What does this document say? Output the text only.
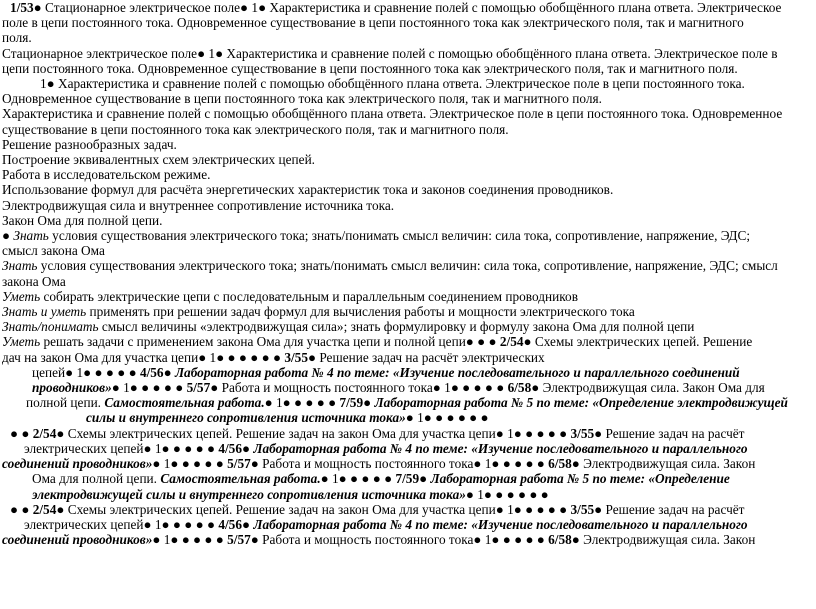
1/53● Стационарное электрическое поле● 1● Характеристика и сравнение полей с помощью обобщённого плана ответа. Электрическое
поле в цепи постоянного тока. Одновременное существование в цепи постоянного тока как электрического поля, так и магнитного
поля.
Стационарное электрическое поле● 1● Характеристика и сравнение полей с помощью обобщённого плана ответа. Электрическое поле в
цепи постоянного тока. Одновременное существование в цепи постоянного тока как электрического поля, так и магнитного поля.
1● Характеристика и сравнение полей с помощью обобщённого плана ответа. Электрическое поле в цепи постоянного тока.
Одновременное существование в цепи постоянного тока как электрического поля, так и магнитного поля.
Характеристика и сравнение полей с помощью обобщённого плана ответа. Электрическое поле в цепи постоянного тока. Одновременное
существование в цепи постоянного тока как электрического поля, так и магнитного поля.
Решение разнообразных задач.
Построение эквивалентных схем электрических цепей.
Работа в исследовательском режиме.
Использование формул для расчёта энергетических характеристик тока и законов соединения проводников.
Электродвижущая сила и внутреннее сопротивление источника тока.
Закон Ома для полной цепи.
● Знать условия существования электрического тока; знать/понимать смысл величин: сила тока, сопротивление, напряжение, ЭДС;
смысл закона Ома
Знать условия существования электрического тока; знать/понимать смысл величин: сила тока, сопротивление, напряжение, ЭДС; смысл
закона Ома
Уметь собирать электрические цепи с последовательным и параллельным соединением проводников
Знать и уметь применять при решении задач формул для вычисления работы и мощности электрического тока
Знать/понимать смысл величины «электродвижущая сила»; знать формулировку и формулу закона Ома для полной цепи
Уметь решать задачи с применением закона Ома для участка цепи и полной цепи● ● ● 2/54● Схемы электрических цепей. Решение
дач на закон Ома для участка цепи● 1● ● ● ● ● ● 3/55● Решение задач на расчёт электрических
цепей● 1● ● ● ● ● 4/56● Лабораторная работа № 4 по теме: «Изучение последовательного и параллельного соединений
проводников»● 1● ● ● ● ● 5/57● Работа и мощность постоянного тока● 1● ● ● ● ● 6/58● Электродвижущая сила. Закон Ома для
полной цепи. Самостоятельная работа.● 1● ● ● ● ● 7/59● Лабораторная работа № 5 по теме: «Определение электродвижущей
силы и внутреннего сопротивления источника тока»● 1● ● ● ● ● ●
● ● 2/54● Схемы электрических цепей. Решение задач на закон Ома для участка цепи● 1● ● ● ● ● 3/55● Решение задач на расчёт
электрических цепей● 1● ● ● ● ● 4/56● Лабораторная работа № 4 по теме: «Изучение последовательного и параллельного
соединений проводников»● 1● ● ● ● ● 5/57● Работа и мощность постоянного тока● 1● ● ● ● ● 6/58● Электродвижущая сила. Закон
Ома для полной цепи. Самостоятельная работа.● 1● ● ● ● ● 7/59● Лабораторная работа № 5 по теме: «Определение
электродвижущей силы и внутреннего сопротивления источника тока»● 1● ● ● ● ● ●
● ● 2/54● Схемы электрических цепей. Решение задач на закон Ома для участка цепи● 1● ● ● ● ● 3/55● Решение задач на расчёт
электрических цепей● 1● ● ● ● ● 4/56● Лабораторная работа № 4 по теме: «Изучение последовательного и параллельного
соединений проводников»● 1● ● ● ● ● 5/57● Работа и мощность постоянного тока● 1● ● ● ● ● 6/58● Электродвижущая сила. Закон
